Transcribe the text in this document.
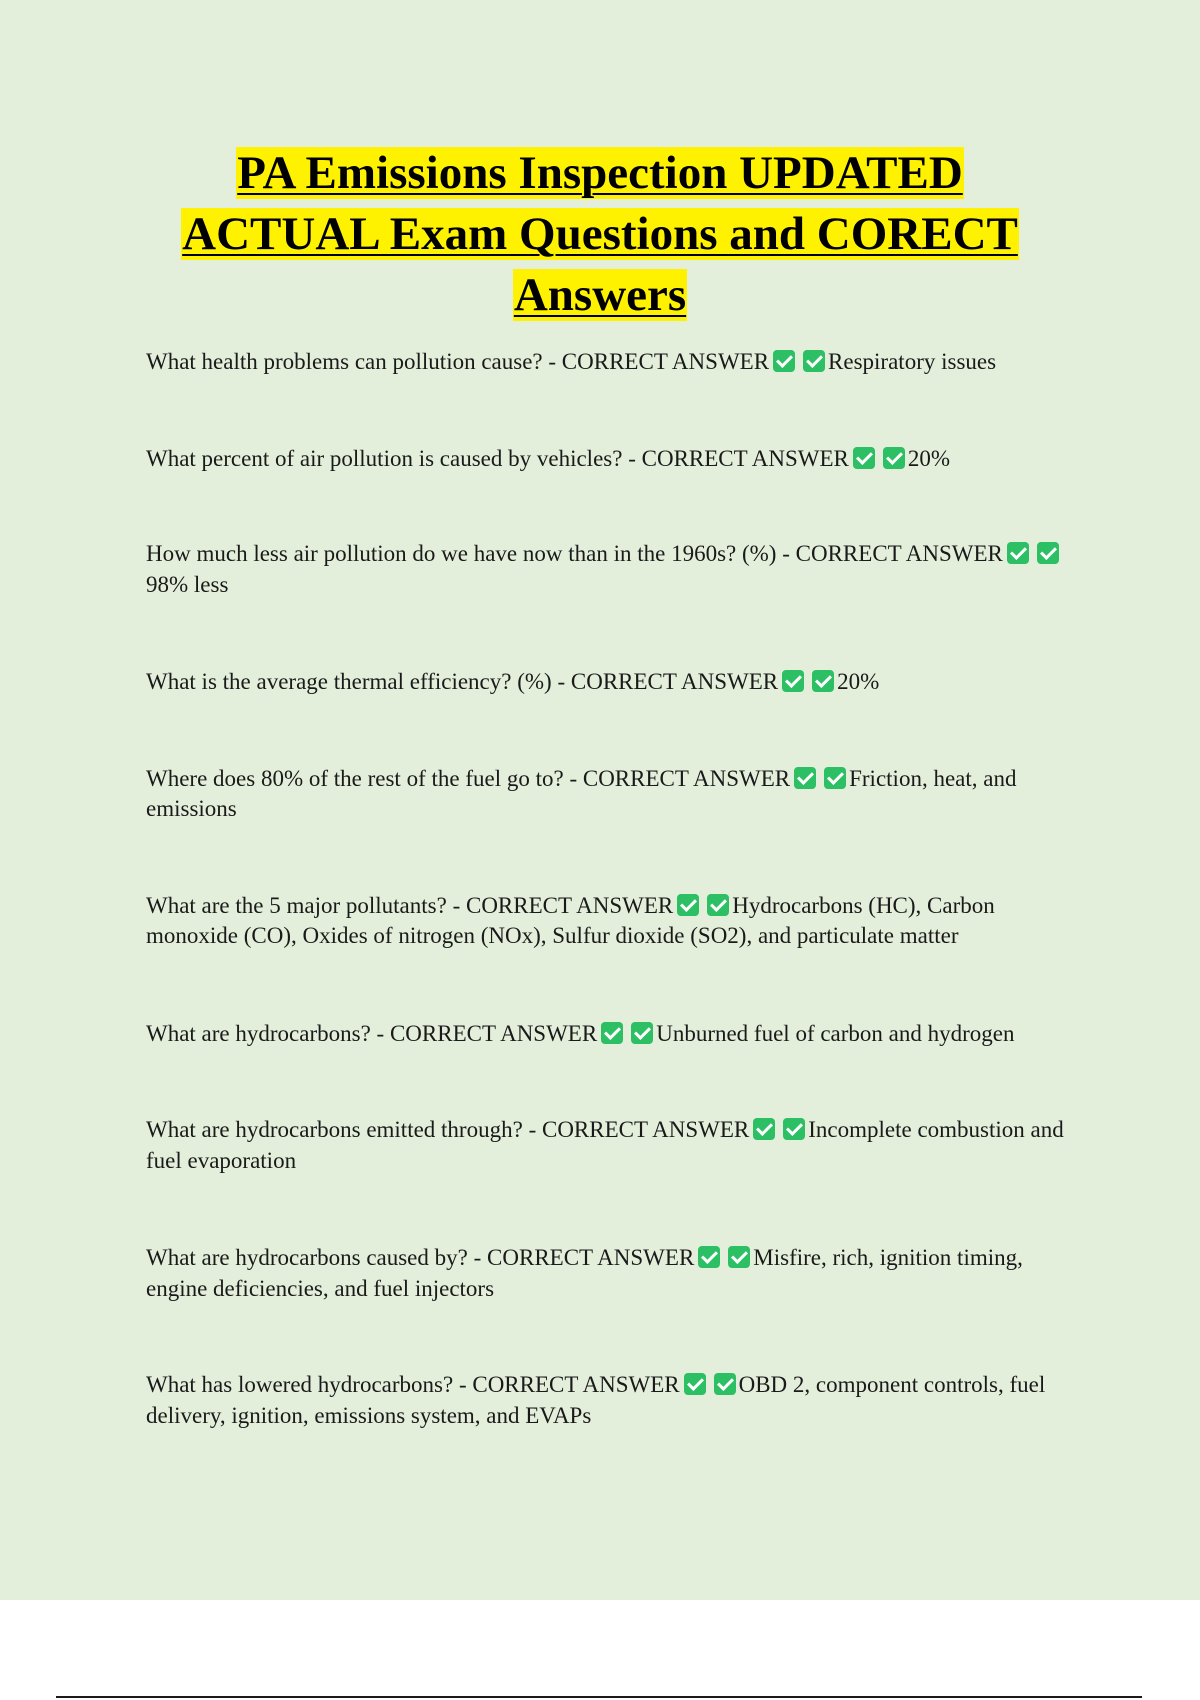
PA Emissions Inspection UPDATED
ACTUAL Exam Questions and CORECT
Answers
What health problems can pollution cause? - CORRECT ANSWER	Respiratory issues
What percent of air pollution is caused by vehicles? - CORRECT ANSWER	20%
How much less air pollution do we have now than in the 1960s? (%) - CORRECT ANSWER98% less
What is the average thermal efficiency? (%) - CORRECT ANSWER	20%
Where does 80% of the rest of the fuel go to? - CORRECT ANSWER	Friction, heat, and emissions
What are the 5 major pollutants? - CORRECT ANSWER	Hydrocarbons (HC), Carbon monoxide (CO), Oxides of nitrogen (NOx), Sulfur dioxide (SO2), and particulate matter
What are hydrocarbons? - CORRECT ANSWER	Unburned fuel of carbon and hydrogen
What are hydrocarbons emitted through? - CORRECT ANSWER	Incomplete combustion and fuel evaporation
What are hydrocarbons caused by? - CORRECT ANSWER	Misfire, rich, ignition timing, engine deficiencies, and fuel injectors
What has lowered hydrocarbons? - CORRECT ANSWER	OBD 2, component controls, fuel delivery, ignition, emissions system, and EVAPs
